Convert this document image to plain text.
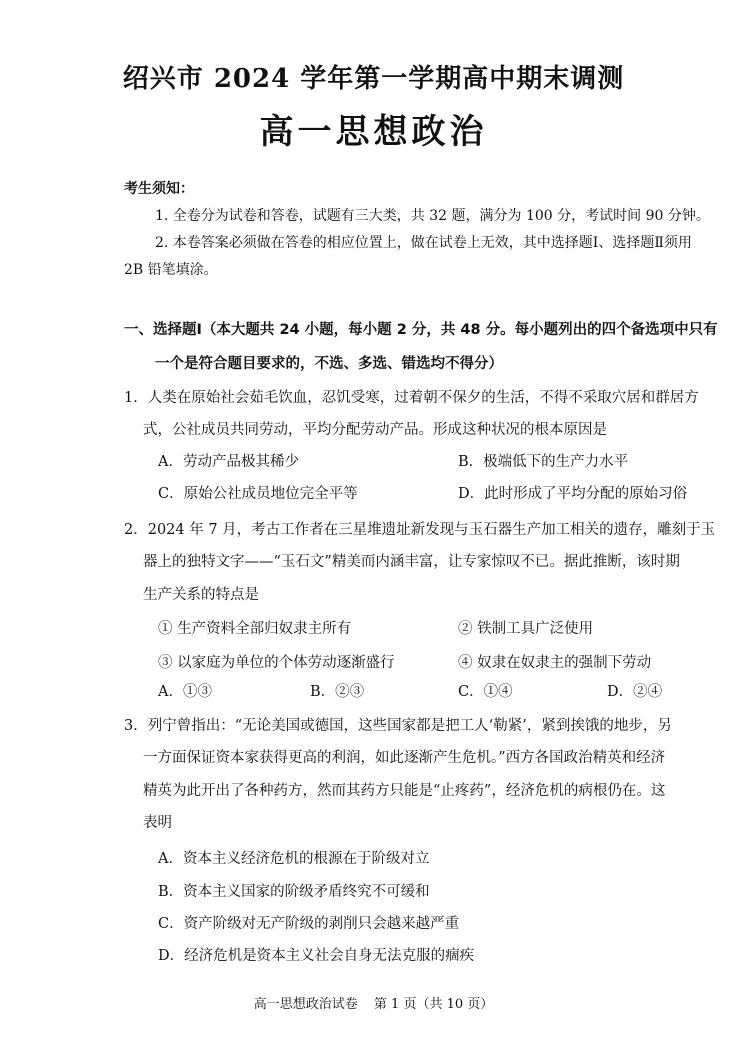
绍兴市 2024 学年第一学期高中期末调测
高一思想政治
考生须知：
1. 全卷分为试卷和答卷，试题有三大类，共 32 题，满分为 100 分，考试时间 90 分钟。
2. 本卷答案必须做在答卷的相应位置上，做在试卷上无效，其中选择题Ⅰ、选择题Ⅱ须用
2B 铅笔填涂。
一、选择题Ⅰ（本大题共 24 小题，每小题 2 分，共 48 分。每小题列出的四个备选项中只有
一个是符合题目要求的，不选、多选、错选均不得分）
1．人类在原始社会茹毛饮血，忍饥受寒，过着朝不保夕的生活，不得不采取穴居和群居方
式，公社成员共同劳动，平均分配劳动产品。形成这种状况的根本原因是
A．劳动产品极其稀少	B．极端低下的生产力水平
C．原始公社成员地位完全平等	D．此时形成了平均分配的原始习俗
2．2024 年 7 月，考古工作者在三星堆遗址新发现与玉石器生产加工相关的遗存，雕刻于玉
器上的独特文字——“玉石文”精美而内涵丰富，让专家惊叹不已。据此推断，该时期
生产关系的特点是
① 生产资料全部归奴隶主所有	② 铁制工具广泛使用
③ 以家庭为单位的个体劳动逐渐盛行	④ 奴隶在奴隶主的强制下劳动
A．①③	B．②③	C．①④	D．②④
3．列宁曾指出：“无论美国或德国，这些国家都是把工人‘勒紧’，紧到挨饿的地步，另
一方面保证资本家获得更高的利润，如此逐渐产生危机。”西方各国政治精英和经济
精英为此开出了各种药方，然而其药方只能是“止疼药”，经济危机的病根仍在。这
表明
A．资本主义经济危机的根源在于阶级对立
B．资本主义国家的阶级矛盾终究不可缓和
C．资产阶级对无产阶级的剥削只会越来越严重
D．经济危机是资本主义社会自身无法克服的痼疾
高一思想政治试卷 第 1 页（共 10 页）
